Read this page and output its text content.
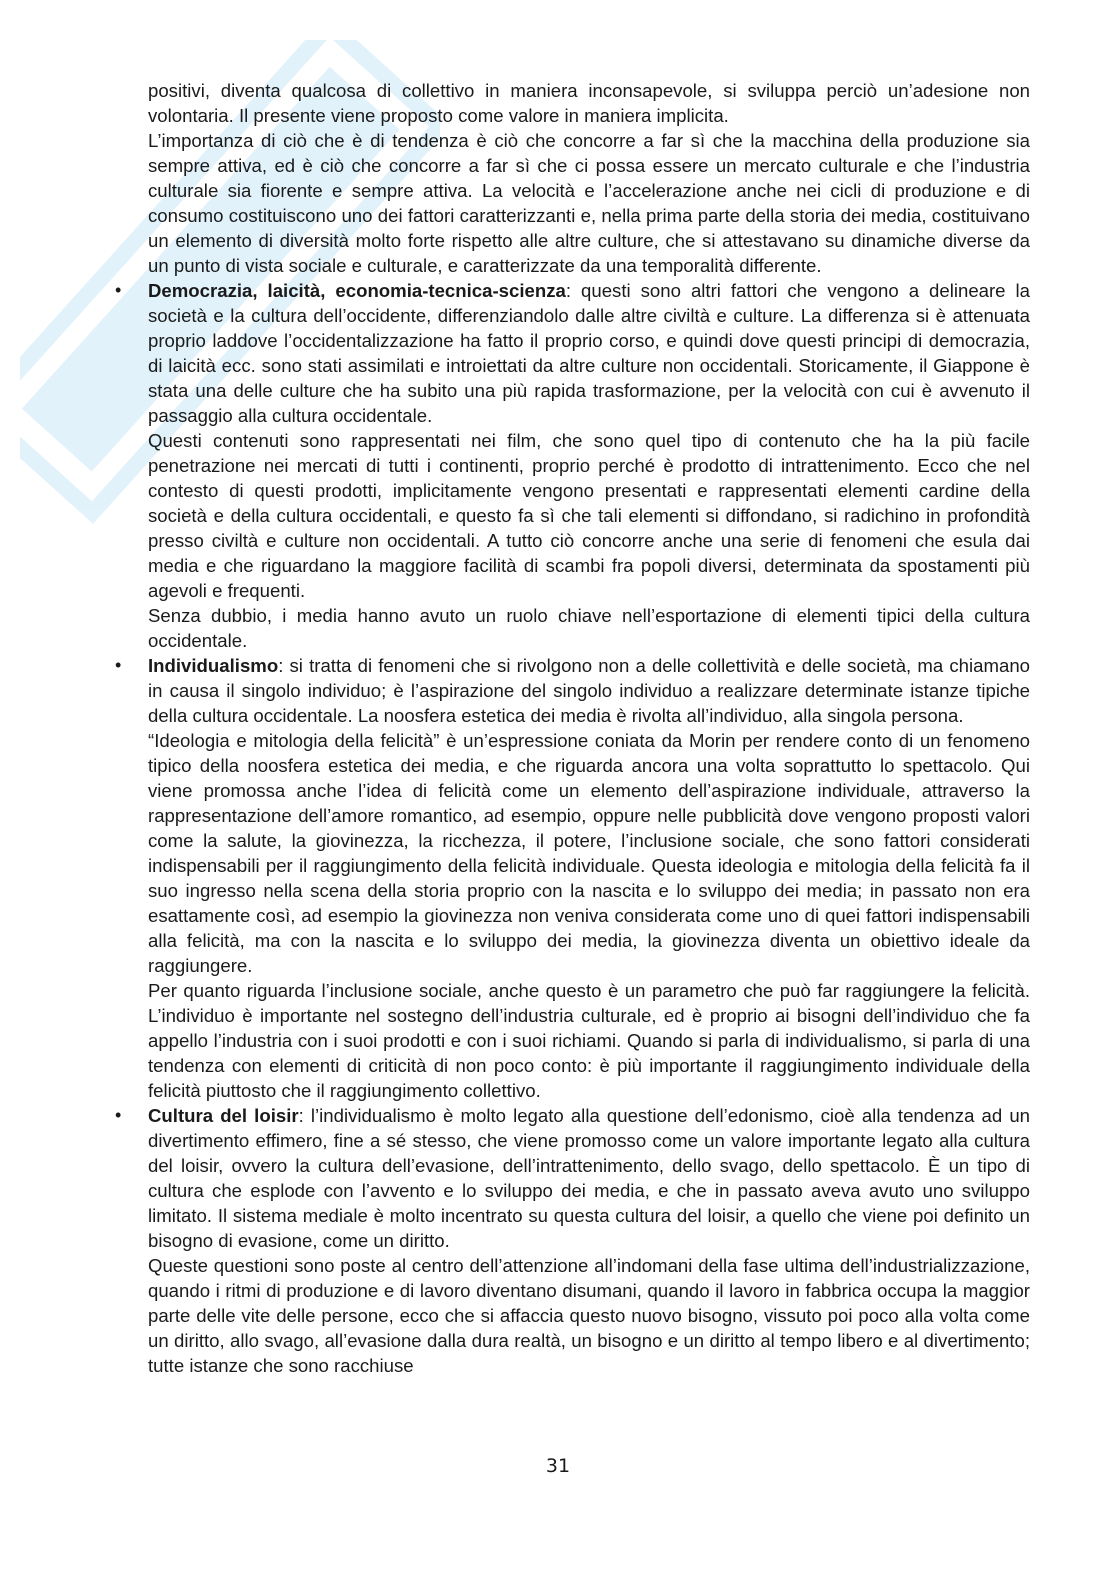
positivi, diventa qualcosa di collettivo in maniera inconsapevole, si sviluppa perciò un’adesione non volontaria. Il presente viene proposto come valore in maniera implicita.

L’importanza di ciò che è di tendenza è ciò che concorre a far sì che la macchina della produzione sia sempre attiva, ed è ciò che concorre a far sì che ci possa essere un mercato culturale e che l’industria culturale sia fiorente e sempre attiva. La velocità e l’accelerazione anche nei cicli di produzione e di consumo costituiscono uno dei fattori caratterizzanti e, nella prima parte della storia dei media, costituivano un elemento di diversità molto forte rispetto alle altre culture, che si attestavano su dinamiche diverse da un punto di vista sociale e culturale, e caratterizzate da una temporalità differente.

• Democrazia, laicità, economia-tecnica-scienza: questi sono altri fattori che vengono a delineare la società e la cultura dell’occidente, differenziandolo dalle altre civiltà e culture. La differenza si è attenuata proprio laddove l’occidentalizzazione ha fatto il proprio corso, e quindi dove questi principi di democrazia, di laicità ecc. sono stati assimilati e introiettati da altre culture non occidentali. Storicamente, il Giappone è stata una delle culture che ha subito una più rapida trasformazione, per la velocità con cui è avvenuto il passaggio alla cultura occidentale.

Questi contenuti sono rappresentati nei film, che sono quel tipo di contenuto che ha la più facile penetrazione nei mercati di tutti i continenti, proprio perché è prodotto di intrattenimento. Ecco che nel contesto di questi prodotti, implicitamente vengono presentati e rappresentati elementi cardine della società e della cultura occidentali, e questo fa sì che tali elementi si diffondano, si radichino in profondità presso civiltà e culture non occidentali. A tutto ciò concorre anche una serie di fenomeni che esula dai media e che riguardano la maggiore facilità di scambi fra popoli diversi, determinata da spostamenti più agevoli e frequenti.

Senza dubbio, i media hanno avuto un ruolo chiave nell’esportazione di elementi tipici della cultura occidentale.

• Individualismo: si tratta di fenomeni che si rivolgono non a delle collettività e delle società, ma chiamano in causa il singolo individuo; è l’aspirazione del singolo individuo a realizzare determinate istanze tipiche della cultura occidentale. La noosfera estetica dei media è rivolta all’individuo, alla singola persona.

“Ideologia e mitologia della felicità” è un’espressione coniata da Morin per rendere conto di un fenomeno tipico della noosfera estetica dei media, e che riguarda ancora una volta soprattutto lo spettacolo. Qui viene promossa anche l’idea di felicità come un elemento dell’aspirazione individuale, attraverso la rappresentazione dell’amore romantico, ad esempio, oppure nelle pubblicità dove vengono proposti valori come la salute, la giovinezza, la ricchezza, il potere, l’inclusione sociale, che sono fattori considerati indispensabili per il raggiungimento della felicità individuale. Questa ideologia e mitologia della felicità fa il suo ingresso nella scena della storia proprio con la nascita e lo sviluppo dei media; in passato non era esattamente così, ad esempio la giovinezza non veniva considerata come uno di quei fattori indispensabili alla felicità, ma con la nascita e lo sviluppo dei media, la giovinezza diventa un obiettivo ideale da raggiungere.

Per quanto riguarda l’inclusione sociale, anche questo è un parametro che può far raggiungere la felicità. L’individuo è importante nel sostegno dell’industria culturale, ed è proprio ai bisogni dell’individuo che fa appello l’industria con i suoi prodotti e con i suoi richiami. Quando si parla di individualismo, si parla di una tendenza con elementi di criticità di non poco conto: è più importante il raggiungimento individuale della felicità piuttosto che il raggiungimento collettivo.

• Cultura del loisir: l’individualismo è molto legato alla questione dell’edonismo, cioè alla tendenza ad un divertimento effimero, fine a sé stesso, che viene promosso come un valore importante legato alla cultura del loisir, ovvero la cultura dell’evasione, dell’intrattenimento, dello svago, dello spettacolo. È un tipo di cultura che esplode con l’avvento e lo sviluppo dei media, e che in passato aveva avuto uno sviluppo limitato. Il sistema mediale è molto incentrato su questa cultura del loisir, a quello che viene poi definito un bisogno di evasione, come un diritto.

Queste questioni sono poste al centro dell’attenzione all’indomani della fase ultima dell’industrializzazione, quando i ritmi di produzione e di lavoro diventano disumani, quando il lavoro in fabbrica occupa la maggior parte delle vite delle persone, ecco che si affaccia questo nuovo bisogno, vissuto poi poco alla volta come un diritto, allo svago, all’evasione dalla dura realtà, un bisogno e un diritto al tempo libero e al divertimento; tutte istanze che sono racchiuse

31
